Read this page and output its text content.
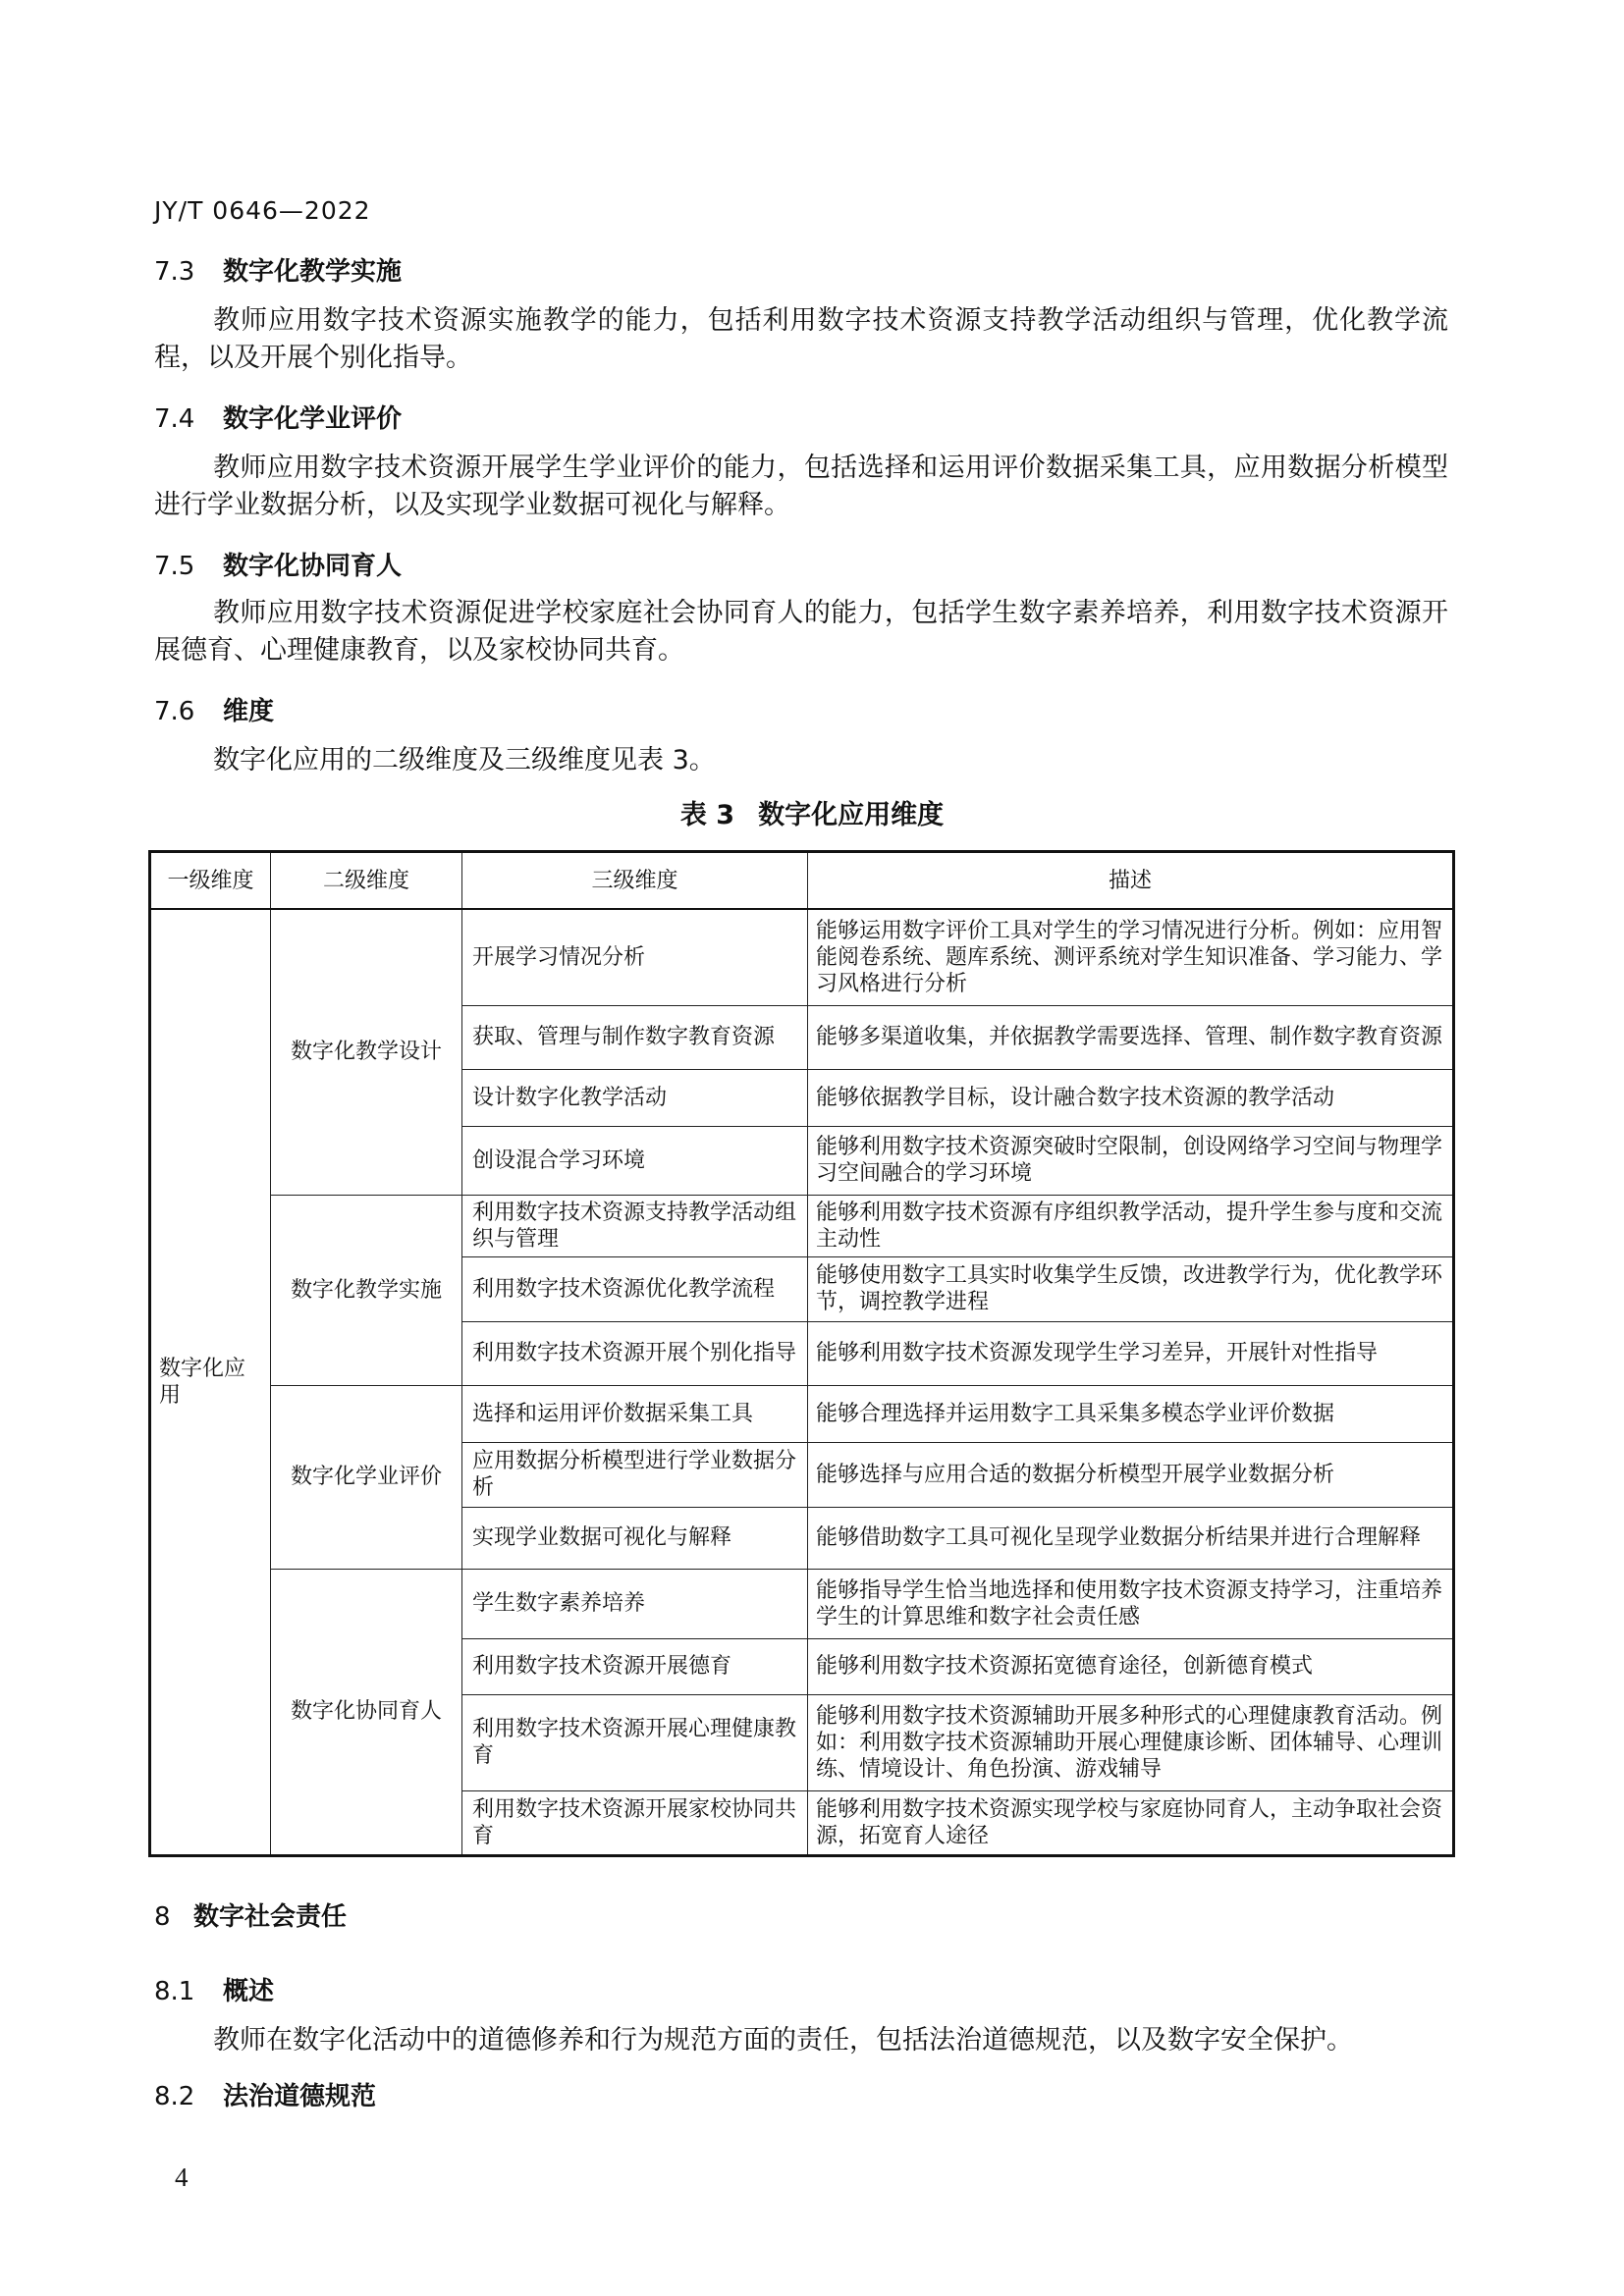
JY/T 0646—2022
7.3 数字化教学实施
教师应用数字技术资源实施教学的能力，包括利用数字技术资源支持教学活动组织与管理，优化教学流程，以及开展个别化指导。
7.4 数字化学业评价
教师应用数字技术资源开展学生学业评价的能力，包括选择和运用评价数据采集工具，应用数据分析模型进行学业数据分析，以及实现学业数据可视化与解释。
7.5 数字化协同育人
教师应用数字技术资源促进学校家庭社会协同育人的能力，包括学生数字素养培养，利用数字技术资源开展德育、心理健康教育，以及家校协同共育。
7.6 维度
数字化应用的二级维度及三级维度见表 3。
表 3 数字化应用维度
一级维度	二级维度	三级维度	描述
数字化应用	数字化教学设计	开展学习情况分析	能够运用数字评价工具对学生的学习情况进行分析。例如：应用智能阅卷系统、题库系统、测评系统对学生知识准备、学习能力、学习风格进行分析
		获取、管理与制作数字教育资源	能够多渠道收集，并依据教学需要选择、管理、制作数字教育资源
		设计数字化教学活动	能够依据教学目标，设计融合数字技术资源的教学活动
		创设混合学习环境	能够利用数字技术资源突破时空限制，创设网络学习空间与物理学习空间融合的学习环境
	数字化教学实施	利用数字技术资源支持教学活动组织与管理	能够利用数字技术资源有序组织教学活动，提升学生参与度和交流主动性
		利用数字技术资源优化教学流程	能够使用数字工具实时收集学生反馈，改进教学行为，优化教学环节，调控教学进程
		利用数字技术资源开展个别化指导	能够利用数字技术资源发现学生学习差异，开展针对性指导
	数字化学业评价	选择和运用评价数据采集工具	能够合理选择并运用数字工具采集多模态学业评价数据
		应用数据分析模型进行学业数据分析	能够选择与应用合适的数据分析模型开展学业数据分析
		实现学业数据可视化与解释	能够借助数字工具可视化呈现学业数据分析结果并进行合理解释
	数字化协同育人	学生数字素养培养	能够指导学生恰当地选择和使用数字技术资源支持学习，注重培养学生的计算思维和数字社会责任感
		利用数字技术资源开展德育	能够利用数字技术资源拓宽德育途径，创新德育模式
		利用数字技术资源开展心理健康教育	能够利用数字技术资源辅助开展多种形式的心理健康教育活动。例如：利用数字技术资源辅助开展心理健康诊断、团体辅导、心理训练、情境设计、角色扮演、游戏辅导
		利用数字技术资源开展家校协同共育	能够利用数字技术资源实现学校与家庭协同育人，主动争取社会资源，拓宽育人途径
8 数字社会责任
8.1 概述
教师在数字化活动中的道德修养和行为规范方面的责任，包括法治道德规范，以及数字安全保护。
8.2 法治道德规范
4
